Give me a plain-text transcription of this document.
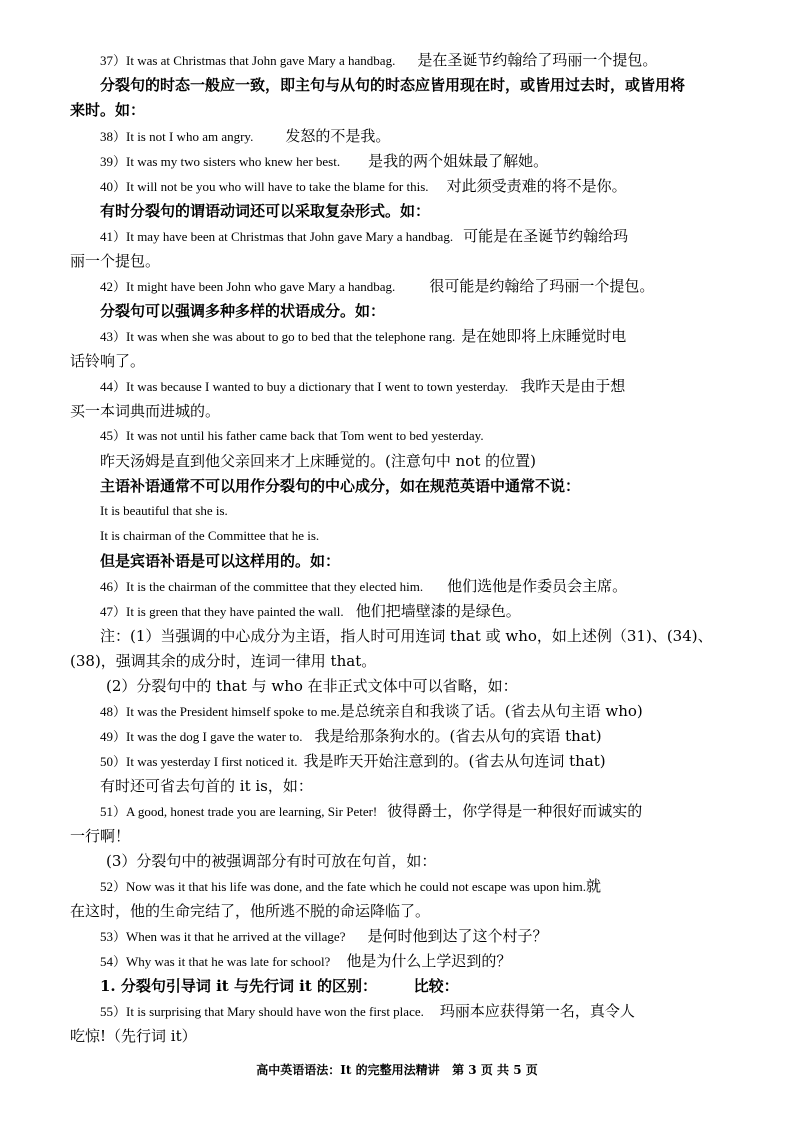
37）It was at Christmas that John gave Mary a handbag. 是在圣诞节约翰给了玛丽一个提包。
分裂句的时态一般应一致，即主句与从句的时态应皆用现在时，或皆用过去时，或皆用将
来时。如：
38）It is not I who am angry. 发怒的不是我。
39）It was my two sisters who knew her best. 是我的两个姐妹最了解她。
40）It will not be you who will have to take the blame for this. 对此须受责难的将不是你。
有时分裂句的谓语动词还可以采取复杂形式。如：
41）It may have been at Christmas that John gave Mary a handbag. 可能是在圣诞节约翰给玛
丽一个提包。
42）It might have been John who gave Mary a handbag. 很可能是约翰给了玛丽一个提包。
分裂句可以强调多种多样的状语成分。如：
43）It was when she was about to go to bed that the telephone rang. 是在她即将上床睡觉时电
话铃响了。
44）It was because I wanted to buy a dictionary that I went to town yesterday. 我昨天是由于想
买一本词典而进城的。
45）It was not until his father came back that Tom went to bed yesterday.
昨天汤姆是直到他父亲回来才上床睡觉的。(注意句中 not 的位置)
主语补语通常不可以用作分裂句的中心成分，如在规范英语中通常不说：
It is beautiful that she is.
It is chairman of the Committee that he is.
但是宾语补语是可以这样用的。如：
46）It is the chairman of the committee that they elected him. 他们选他是作委员会主席。
47）It is green that they have painted the wall. 他们把墙壁漆的是绿色。
注：(1）当强调的中心成分为主语，指人时可用连词 that 或 who，如上述例（31)、(34)、
(38)，强调其余的成分时，连词一律用 that。
(2）分裂句中的 that 与 who 在非正式文体中可以省略，如：
48）It was the President himself spoke to me.是总统亲自和我谈了话。(省去从句主语 who)
49）It was the dog I gave the water to. 我是给那条狗水的。(省去从句的宾语 that)
50）It was yesterday I first noticed it. 我是昨天开始注意到的。(省去从句连词 that)
有时还可省去句首的 it is，如：
51）A good, honest trade you are learning, Sir Peter! 彼得爵士，你学得是一种很好而诚实的
一行啊！
(3）分裂句中的被强调部分有时可放在句首，如：
52）Now was it that his life was done, and the fate which he could not escape was upon him.就
在这时，他的生命完结了，他所逃不脱的命运降临了。
53）When was it that he arrived at the village? 是何时他到达了这个村子？
54）Why was it that he was late for school? 他是为什么上学迟到的？
1. 分裂句引导词 it 与先行词 it 的区别：       比较：
55）It is surprising that Mary should have won the first place. 玛丽本应获得第一名，真令人
吃惊!（先行词 it）
高中英语语法：It 的完整用法精讲   第 3 页 共 5 页
